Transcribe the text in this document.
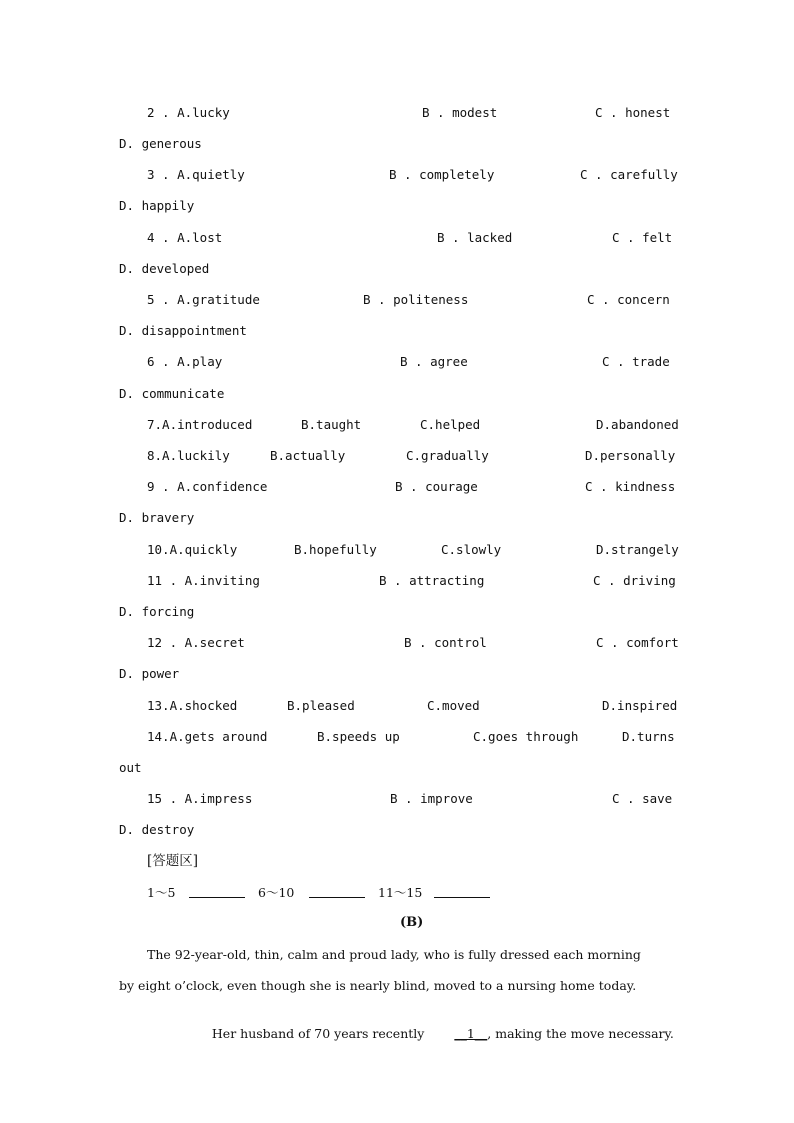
2 . A.lucky	B . modest	C . honest
D. generous
3 . A.quietly	B . completely	C . carefully
D. happily
4 . A.lost	B . lacked	C . felt
D. developed
5 . A.gratitude	B . politeness	C . concern
D. disappointment
6 . A.play	B . agree	C . trade
D. communicate
7.A.introduced	B.taught	C.helped	D.abandoned
8.A.luckily	B.actually	C.gradually	D.personally
9 . A.confidence	B . courage	C . kindness
D. bravery
10.A.quickly	B.hopefully	C.slowly	D.strangely
11 . A.inviting	B . attracting	C . driving
D. forcing
12 . A.secret	B . control	C . comfort
D. power
13.A.shocked	B.pleased	C.moved	D.inspired
14.A.gets around	B.speeds up	C.goes through	D.turns
out
15 . A.impress	B . improve	C . save
D. destroy
[答题区]
1～5	6～10	11～15
(B)
The 92-year-old, thin, calm and proud lady, who is fully dressed each morning
by eight o’clock, even though she is nearly blind, moved to a nursing home today.

Her husband of 70 years recently __1__, making the move necessary.
